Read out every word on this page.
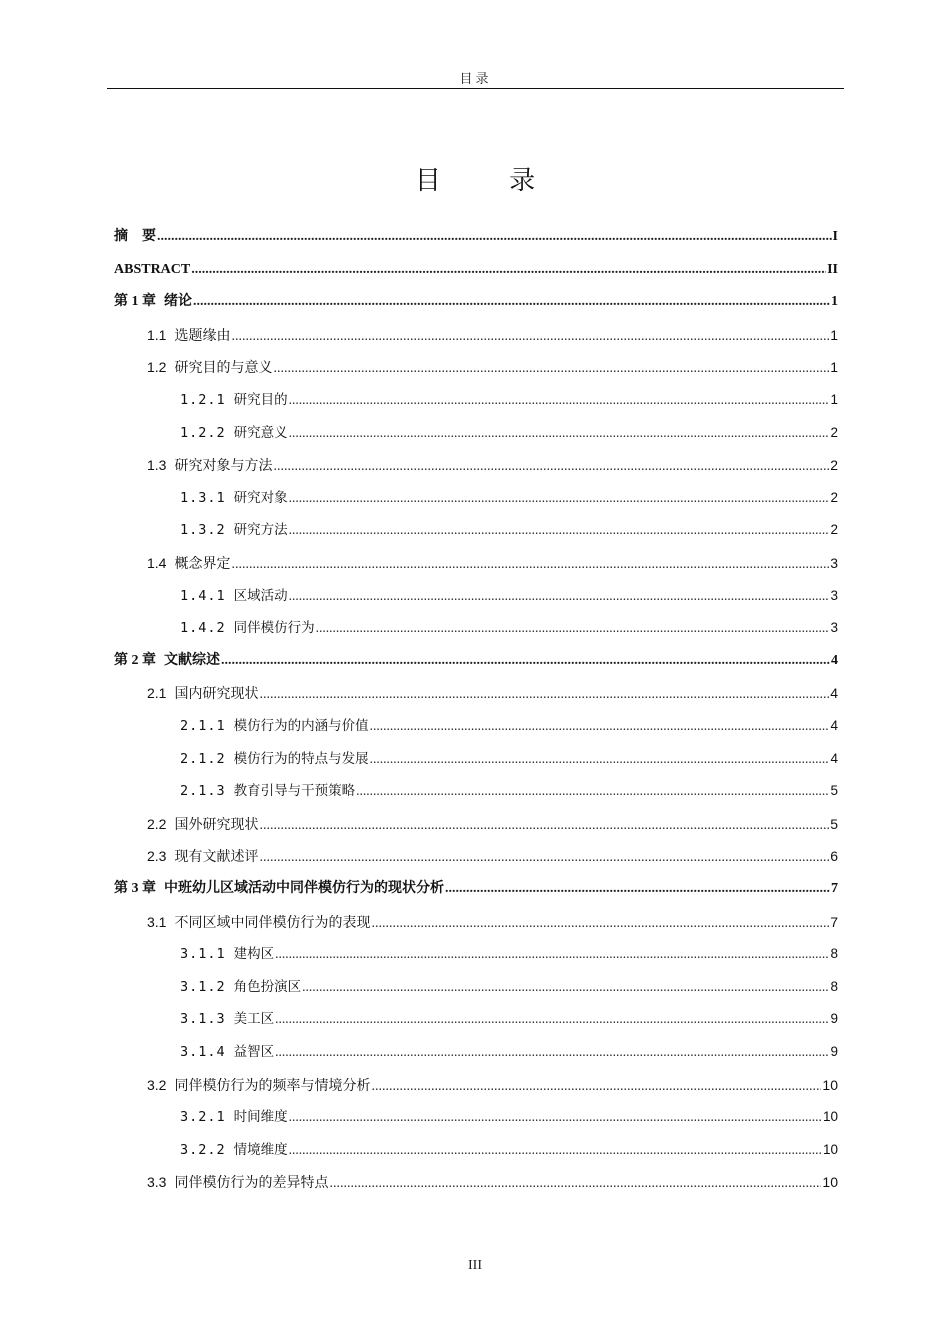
目录
目 录
摘　要 .....	I
ABSTRACT .....	II
第 1 章 绪论 .....	1
1.1 选题缘由 .....	1
1.2 研究目的与意义 .....	1
1.2.1 研究目的 .....	1
1.2.2 研究意义 .....	2
1.3 研究对象与方法 .....	2
1.3.1 研究对象 .....	2
1.3.2 研究方法 .....	2
1.4 概念界定 .....	3
1.4.1 区域活动 .....	3
1.4.2 同伴模仿行为 .....	3
第 2 章 文献综述 .....	4
2.1 国内研究现状 .....	4
2.1.1 模仿行为的内涵与价值 .....	4
2.1.2 模仿行为的特点与发展 .....	4
2.1.3 教育引导与干预策略 .....	5
2.2 国外研究现状 .....	5
2.3 现有文献述评 .....	6
第 3 章 中班幼儿区域活动中同伴模仿行为的现状分析 .....	7
3.1 不同区域中同伴模仿行为的表现 .....	7
3.1.1 建构区 .....	8
3.1.2 角色扮演区 .....	8
3.1.3 美工区 .....	9
3.1.4 益智区 .....	9
3.2 同伴模仿行为的频率与情境分析 .....	10
3.2.1 时间维度 .....	10
3.2.2 情境维度 .....	10
3.3 同伴模仿行为的差异特点 .....	10
III
